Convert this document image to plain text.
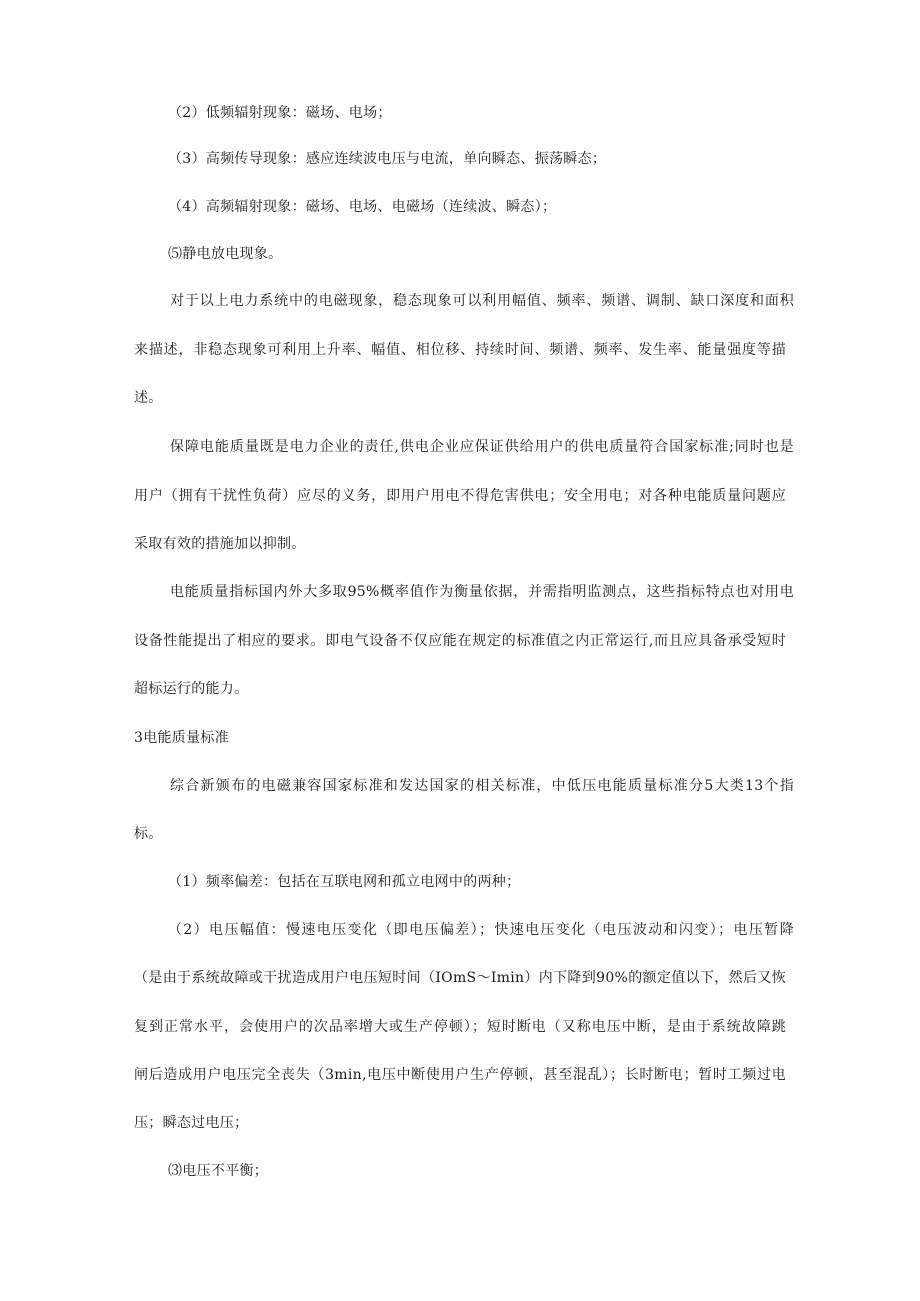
（2）低频辐射现象：磁场、电场；
（3）高频传导现象：感应连续波电压与电流，单向瞬态、振荡瞬态；
（4）高频辐射现象：磁场、电场、电磁场（连续波、瞬态）；
⑸静电放电现象。
对于以上电力系统中的电磁现象，稳态现象可以利用幅值、频率、频谱、调制、缺口深度和面积
来描述，非稳态现象可利用上升率、幅值、相位移、持续时间、频谱、频率、发生率、能量强度等描
述。
保障电能质量既是电力企业的责任,供电企业应保证供给用户的供电质量符合国家标准;同时也是
用户（拥有干扰性负荷）应尽的义务，即用户用电不得危害供电；安全用电；对各种电能质量问题应
采取有效的措施加以抑制。
电能质量指标国内外大多取95%概率值作为衡量依据，并需指明监测点，这些指标特点也对用电
设备性能提出了相应的要求。即电气设备不仅应能在规定的标准值之内正常运行,而且应具备承受短时
超标运行的能力。
3电能质量标准
综合新颁布的电磁兼容国家标准和发达国家的相关标准，中低压电能质量标准分5大类13个指
标。
（1）频率偏差：包括在互联电网和孤立电网中的两种；
（2）电压幅值：慢速电压变化（即电压偏差）；快速电压变化（电压波动和闪变）；电压暂降
（是由于系统故障或干扰造成用户电压短时间（IOmS～Imin）内下降到90%的额定值以下，然后又恢
复到正常水平，会使用户的次品率增大或生产停顿）；短时断电（又称电压中断，是由于系统故障跳
闸后造成用户电压完全丧失（3min,电压中断使用户生产停顿，甚至混乱）；长时断电；暂时工频过电
压；瞬态过电压；
⑶电压不平衡；
